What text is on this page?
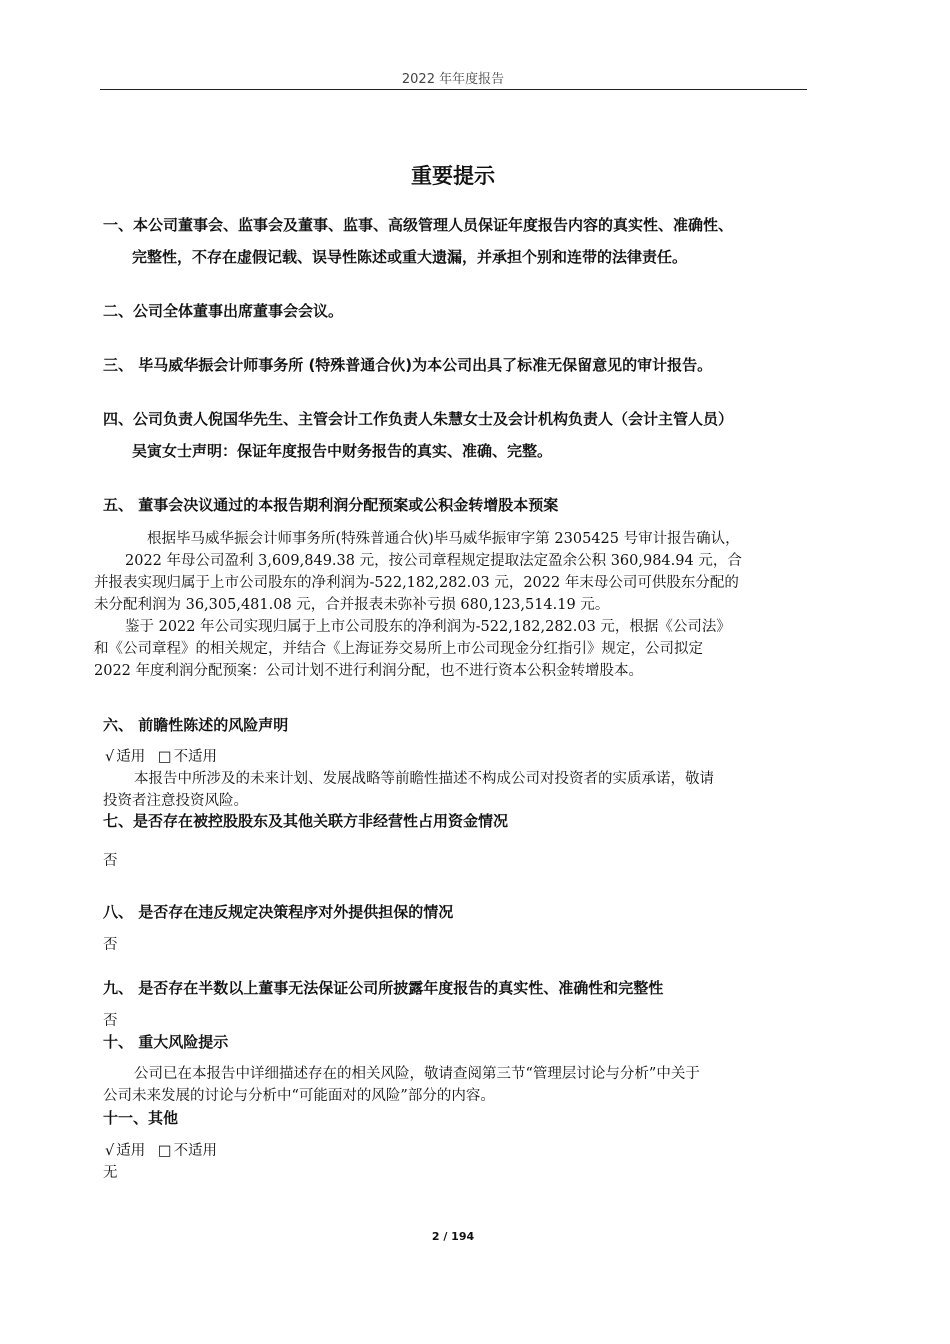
2022 年年度报告
重要提示
一、本公司董事会、监事会及董事、监事、高级管理人员保证年度报告内容的真实性、准确性、
完整性，不存在虚假记载、误导性陈述或重大遗漏，并承担个别和连带的法律责任。
二、公司全体董事出席董事会会议。
三、 毕马威华振会计师事务所 (特殊普通合伙)为本公司出具了标准无保留意见的审计报告。
四、公司负责人倪国华先生、主管会计工作负责人朱慧女士及会计机构负责人（会计主管人员）
吴寅女士声明：保证年度报告中财务报告的真实、准确、完整。
五、 董事会决议通过的本报告期利润分配预案或公积金转增股本预案
根据毕马威华振会计师事务所(特殊普通合伙)毕马威华振审字第 2305425 号审计报告确认，
2022 年母公司盈利 3,609,849.38 元，按公司章程规定提取法定盈余公积 360,984.94 元，合
并报表实现归属于上市公司股东的净利润为-522,182,282.03 元，2022 年末母公司可供股东分配的
未分配利润为 36,305,481.08 元，合并报表未弥补亏损 680,123,514.19 元。
鉴于 2022 年公司实现归属于上市公司股东的净利润为-522,182,282.03 元，根据《公司法》
和《公司章程》的相关规定，并结合《上海证券交易所上市公司现金分红指引》规定，公司拟定
2022 年度利润分配预案：公司计划不进行利润分配，也不进行资本公积金转增股本。
六、 前瞻性陈述的风险声明
√ 适用 □ 不适用
本报告中所涉及的未来计划、发展战略等前瞻性描述不构成公司对投资者的实质承诺，敬请
投资者注意投资风险。
七、是否存在被控股股东及其他关联方非经营性占用资金情况
否
八、 是否存在违反规定决策程序对外提供担保的情况
否
九、 是否存在半数以上董事无法保证公司所披露年度报告的真实性、准确性和完整性
否
十、 重大风险提示
公司已在本报告中详细描述存在的相关风险，敬请查阅第三节“管理层讨论与分析”中关于
公司未来发展的讨论与分析中“可能面对的风险”部分的内容。
十一、其他
√ 适用 □ 不适用
无
2 / 194
